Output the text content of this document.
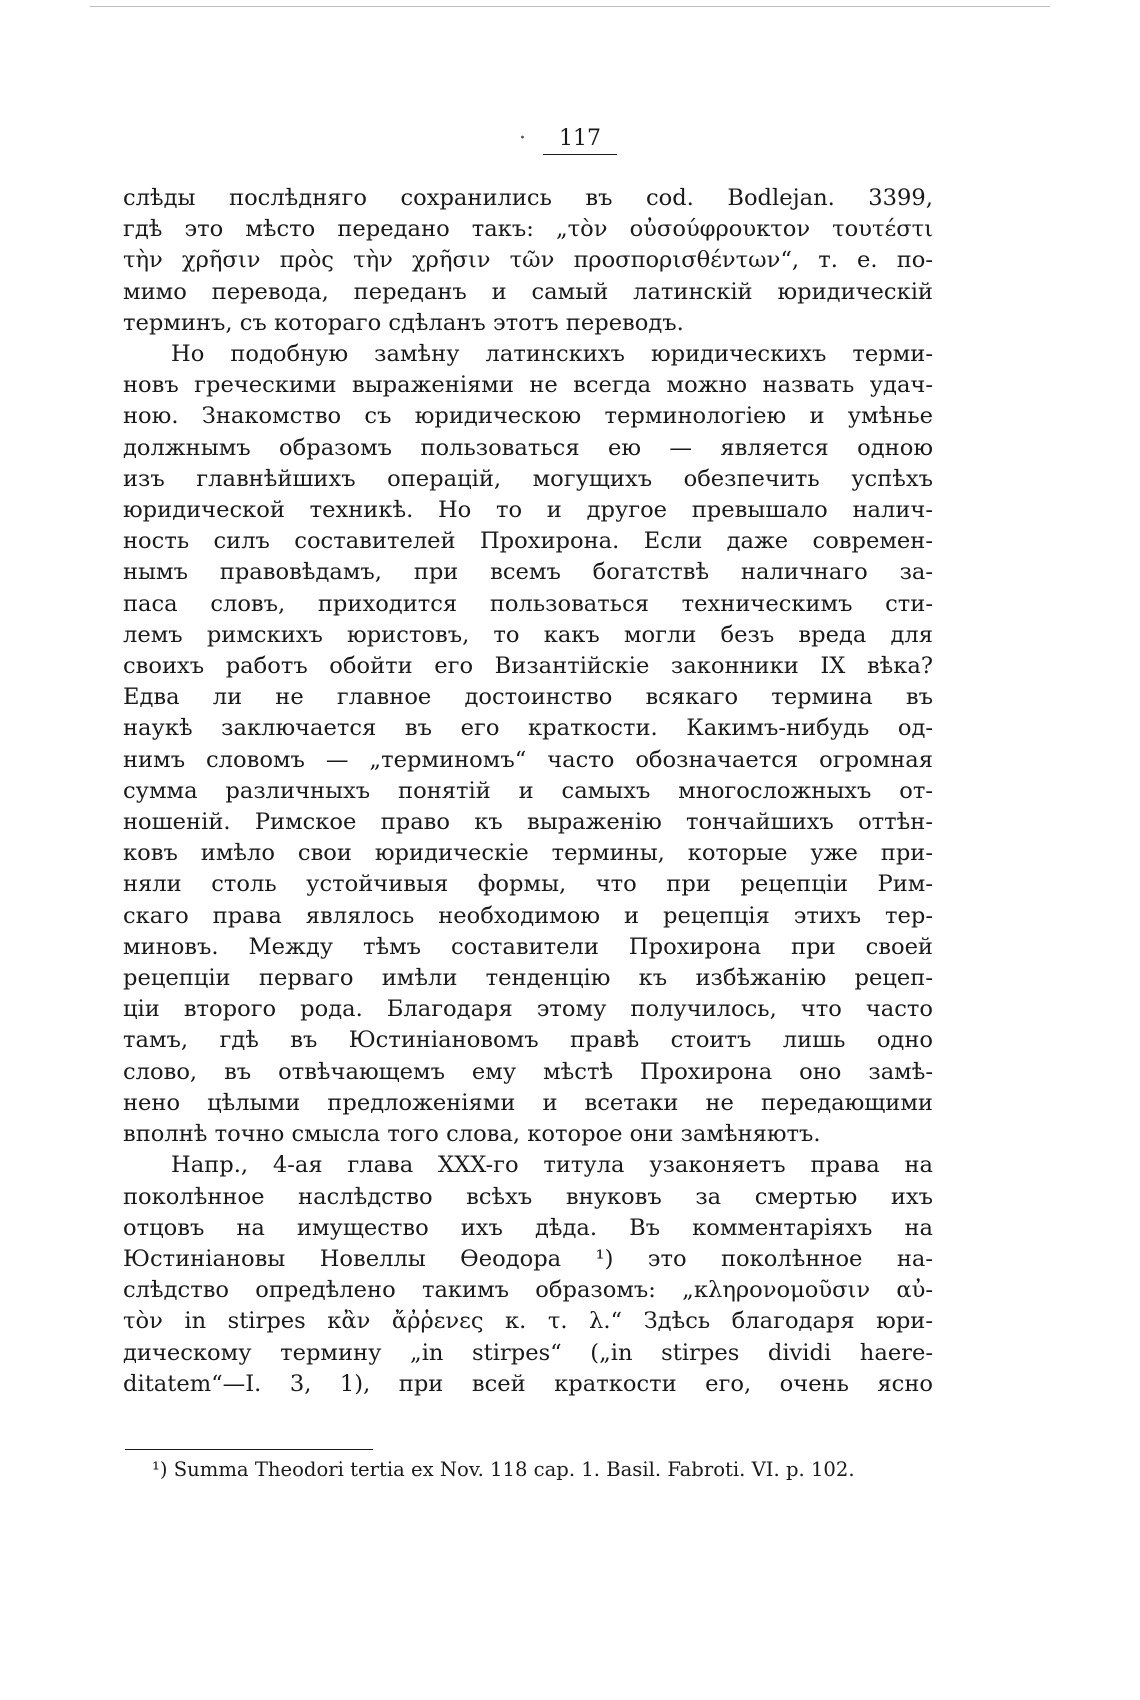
· 117
слѣды послѣдняго сохранились въ cod. Bodlejan. 3399,
гдѣ это мѣсто передано такъ: „τὸν οὐσούφρουκτον τουτέστι
τὴν χρῆσιν πρὸς τὴν χρῆσιν τῶν προσπορισθέντων“, т. е. по-
мимо перевода, переданъ и самый латинскій юридическій
терминъ, съ котораго сдѣланъ этотъ переводъ.
Но подобную замѣну латинскихъ юридическихъ терми-
новъ греческими выраженіями не всегда можно назвать удач-
ною. Знакомство съ юридическою терминологіею и умѣнье
должнымъ образомъ пользоваться ею — является одною
изъ главнѣйшихъ операцій, могущихъ обезпечить успѣхъ
юридической техникѣ. Но то и другое превышало налич-
ность силъ составителей Прохирона. Если даже современ-
нымъ правовѣдамъ, при всемъ богатствѣ наличнаго за-
паса словъ, приходится пользоваться техническимъ сти-
лемъ римскихъ юристовъ, то какъ могли безъ вреда для
своихъ работъ обойти его Византійскіе законники IX вѣка?
Едва ли не главное достоинство всякаго термина въ
наукѣ заключается въ его краткости. Какимъ-нибудь од-
нимъ словомъ — „терминомъ“ часто обозначается огромная
сумма различныхъ понятій и самыхъ многосложныхъ от-
ношеній. Римское право къ выраженію тончайшихъ оттѣн-
ковъ имѣло свои юридическіе термины, которые уже при-
няли столь устойчивыя формы, что при рецепціи Рим-
скаго права являлось необходимою и рецепція этихъ тер-
миновъ. Между тѣмъ составители Прохирона при своей
рецепціи перваго имѣли тенденцію къ избѣжанію рецеп-
ціи второго рода. Благодаря этому получилось, что часто
тамъ, гдѣ въ Юстиніановомъ правѣ стоитъ лишь одно
слово, въ отвѣчающемъ ему мѣстѣ Прохирона оно замѣ-
нено цѣлыми предложеніями и всетаки не передающими
вполнѣ точно смысла того слова, которое они замѣняютъ.
Напр., 4-ая глава XXX-го титула узаконяетъ права на
поколѣнное наслѣдство всѣхъ внуковъ за смертью ихъ
отцовъ на имущество ихъ дѣда. Въ комментаріяхъ на
Юстиніановы Новеллы Өеодора ¹) это поколѣнное на-
слѣдство опредѣлено такимъ образомъ: „κληρονομοῦσιν αὐ-
τὸν in stirpes κἂν ἄῤῥενες κ. τ. λ.“ Здѣсь благодаря юри-
дическому термину „in stirpes“ („in stirpes dividi haere-
ditatem“—I. 3, 1), при всей краткости его, очень ясно
¹) Summa Theodori tertia ex Nov. 118 cap. 1. Basil. Fabroti. VI. p. 102.
